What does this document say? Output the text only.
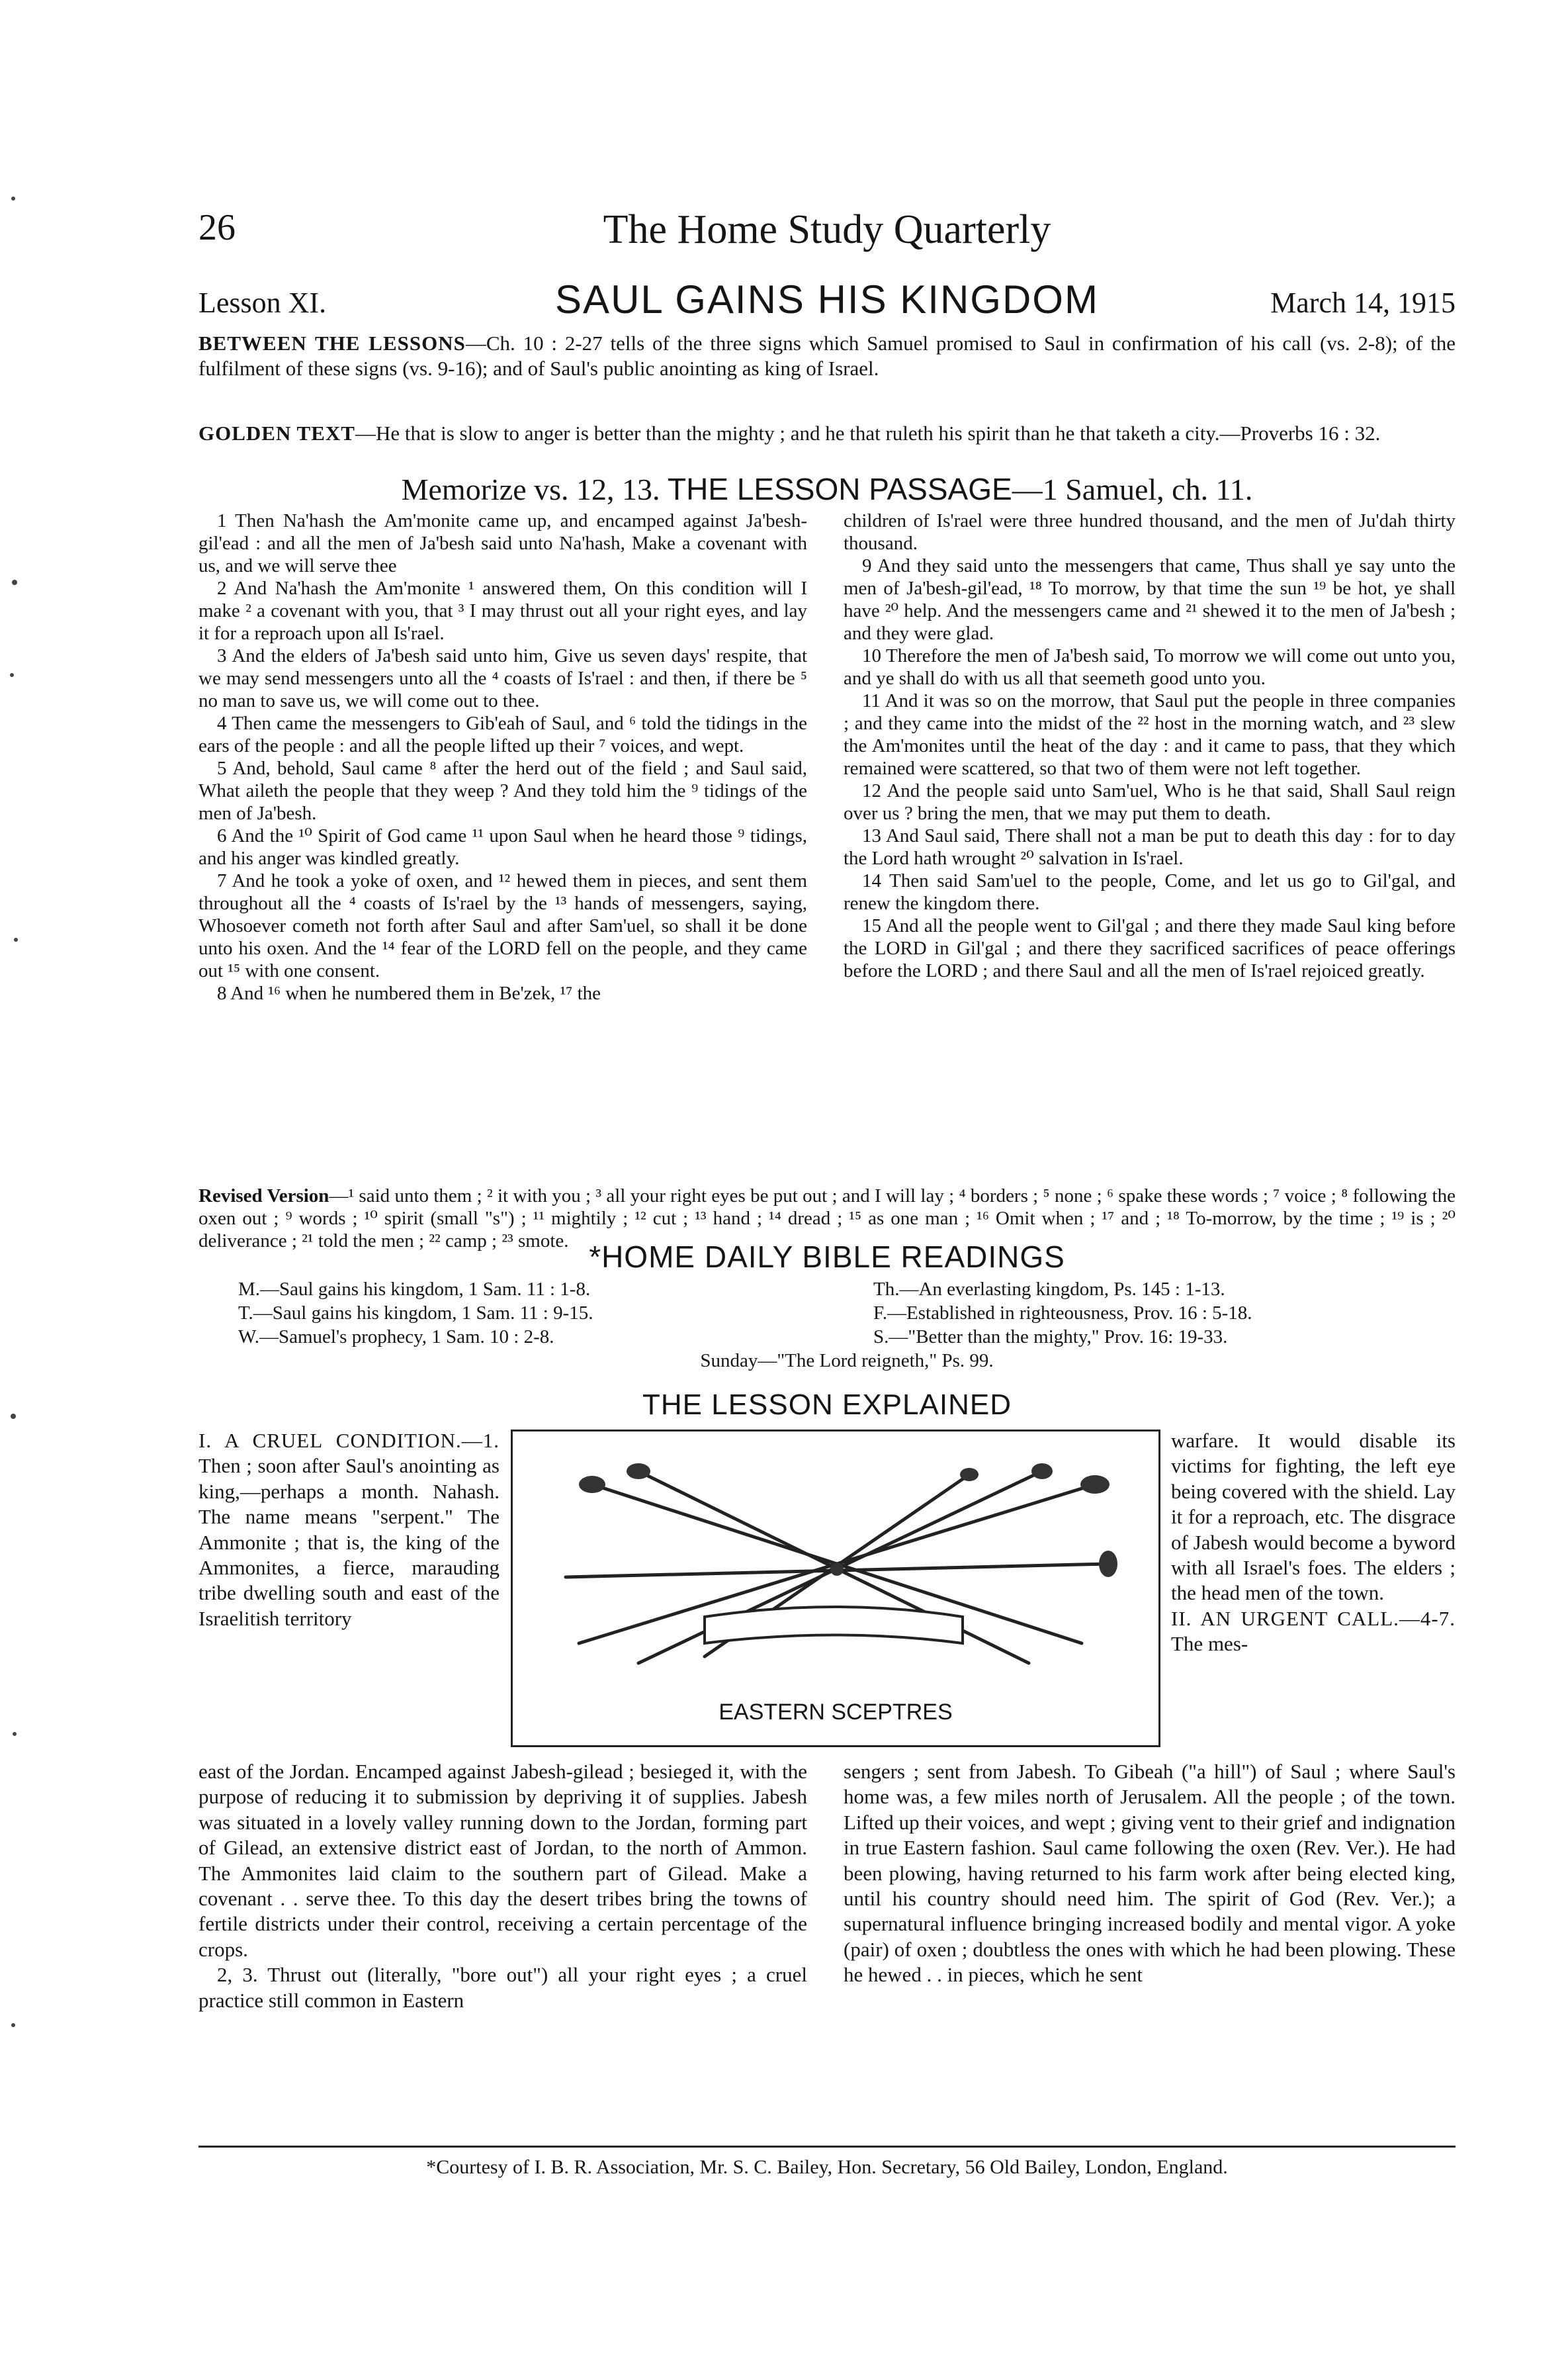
26	The Home Study Quarterly
Lesson XI.	SAUL GAINS HIS KINGDOM	March 14, 1915

BETWEEN THE LESSONS—Ch. 10 : 2-27 tells of the three signs which Samuel promised to Saul in confirmation of his call (vs. 2-8); of the fulfilment of these signs (vs. 9-16); and of Saul's public anointing as king of Israel.

GOLDEN TEXT—He that is slow to anger is better than the mighty ; and he that ruleth his spirit than he that taketh a city.—Proverbs 16 : 32.

Memorize vs. 12, 13. THE LESSON PASSAGE—1 Samuel, ch. 11.

1 Then Na'hash the Am'monite came up, and encamped against Ja'besh-gil'ead : and all the men of Ja'besh said unto Na'hash, Make a covenant with us, and we will serve thee

2 And Na'hash the Am'monite ¹ answered them, On this condition will I make ² a covenant with you, that ³ I may thrust out all your right eyes, and lay it for a reproach upon all Is'rael.

3 And the elders of Ja'besh said unto him, Give us seven days' respite, that we may send messengers unto all the ⁴ coasts of Is'rael : and then, if there be ⁵ no man to save us, we will come out to thee.

4 Then came the messengers to Gib'eah of Saul, and ⁶ told the tidings in the ears of the people : and all the people lifted up their ⁷ voices, and wept.

5 And, behold, Saul came ⁸ after the herd out of the field ; and Saul said, What aileth the people that they weep ? And they told him the ⁹ tidings of the men of Ja'besh.

6 And the ¹⁰ Spirit of God came ¹¹ upon Saul when he heard those ⁹ tidings, and his anger was kindled greatly.

7 And he took a yoke of oxen, and ¹² hewed them in pieces, and sent them throughout all the ⁴ coasts of Is'rael by the ¹³ hands of messengers, saying, Whosoever cometh not forth after Saul and after Sam'uel, so shall it be done unto his oxen. And the ¹⁴ fear of the LORD fell on the people, and they came out ¹⁵ with one consent.

8 And ¹⁶ when he numbered them in Be'zek, ¹⁷ the

children of Is'rael were three hundred thousand, and the men of Ju'dah thirty thousand.

9 And they said unto the messengers that came, Thus shall ye say unto the men of Ja'besh-gil'ead, ¹⁸ To morrow, by that time the sun ¹⁹ be hot, ye shall have ²⁰ help. And the messengers came and ²¹ shewed it to the men of Ja'besh ; and they were glad.

10 Therefore the men of Ja'besh said, To morrow we will come out unto you, and ye shall do with us all that seemeth good unto you.

11 And it was so on the morrow, that Saul put the people in three companies ; and they came into the midst of the ²² host in the morning watch, and ²³ slew the Am'monites until the heat of the day : and it came to pass, that they which remained were scattered, so that two of them were not left together.

12 And the people said unto Sam'uel, Who is he that said, Shall Saul reign over us ? bring the men, that we may put them to death.

13 And Saul said, There shall not a man be put to death this day : for to day the Lord hath wrought ²⁰ salvation in Is'rael.

14 Then said Sam'uel to the people, Come, and let us go to Gil'gal, and renew the kingdom there.

15 And all the people went to Gil'gal ; and there they made Saul king before the LORD in Gil'gal ; and there they sacrificed sacrifices of peace offerings before the LORD ; and there Saul and all the men of Is'rael rejoiced greatly.

Revised Version—¹ said unto them ; ² it with you ; ³ all your right eyes be put out ; and I will lay ; ⁴ borders ; ⁵ none ; ⁶ spake these words ; ⁷ voice ; ⁸ following the oxen out ; ⁹ words ; ¹⁰ spirit (small "s") ; ¹¹ mightily ; ¹² cut ; ¹³ hand ; ¹⁴ dread ; ¹⁵ as one man ; ¹⁶ Omit when ; ¹⁷ and ; ¹⁸ To-morrow, by the time ; ¹⁹ is ; ²⁰ deliverance ; ²¹ told the men ; ²² camp ; ²³ smote. *HOME DAILY BIBLE READINGS
M.—Saul gains his kingdom, 1 Sam. 11 : 1-8.
T.—Saul gains his kingdom, 1 Sam. 11 : 9-15.
W.—Samuel's prophecy, 1 Sam. 10 : 2-8.
Th.—An everlasting kingdom, Ps. 145 : 1-13.
F.—Established in righteousness, Prov. 16 : 5-18.
S.—"Better than the mighty," Prov. 16: 19-33.
Sunday—"The Lord reigneth," Ps. 99.
THE LESSON EXPLAINED

I. A CRUEL CONDITION.—1. Then ; soon after Saul's anointing as king,—perhaps a month. Nahash. The name means "serpent." The Ammonite ; that is, the king of the Ammonites, a fierce, marauding tribe dwelling south and east of the Israelitish territory

EASTERN SCEPTRES

warfare. It would disable its victims for fighting, the left eye being covered with the shield. Lay it for a reproach, etc. The disgrace of Jabesh would become a byword with all Israel's foes. The elders ; the head men of the town.
II. AN URGENT CALL.—4-7. The mes-

east of the Jordan. Encamped against Jabesh-gilead ; besieged it, with the purpose of reducing it to submission by depriving it of supplies. Jabesh was situated in a lovely valley running down to the Jordan, forming part of Gilead, an extensive district east of Jordan, to the north of Ammon. The Ammonites laid claim to the southern part of Gilead. Make a covenant . . serve thee. To this day the desert tribes bring the towns of fertile districts under their control, receiving a certain percentage of the crops.

2, 3. Thrust out (literally, "bore out") all your right eyes ; a cruel practice still common in Eastern

sengers ; sent from Jabesh. To Gibeah ("a hill") of Saul ; where Saul's home was, a few miles north of Jerusalem. All the people ; of the town. Lifted up their voices, and wept ; giving vent to their grief and indignation in true Eastern fashion. Saul came following the oxen (Rev. Ver.). He had been plowing, having returned to his farm work after being elected king, until his country should need him. The spirit of God (Rev. Ver.); a supernatural influence bringing increased bodily and mental vigor. A yoke (pair) of oxen ; doubtless the ones with which he had been plowing. These he hewed . . in pieces, which he sent

*Courtesy of I. B. R. Association, Mr. S. C. Bailey, Hon. Secretary, 56 Old Bailey, London, England.
